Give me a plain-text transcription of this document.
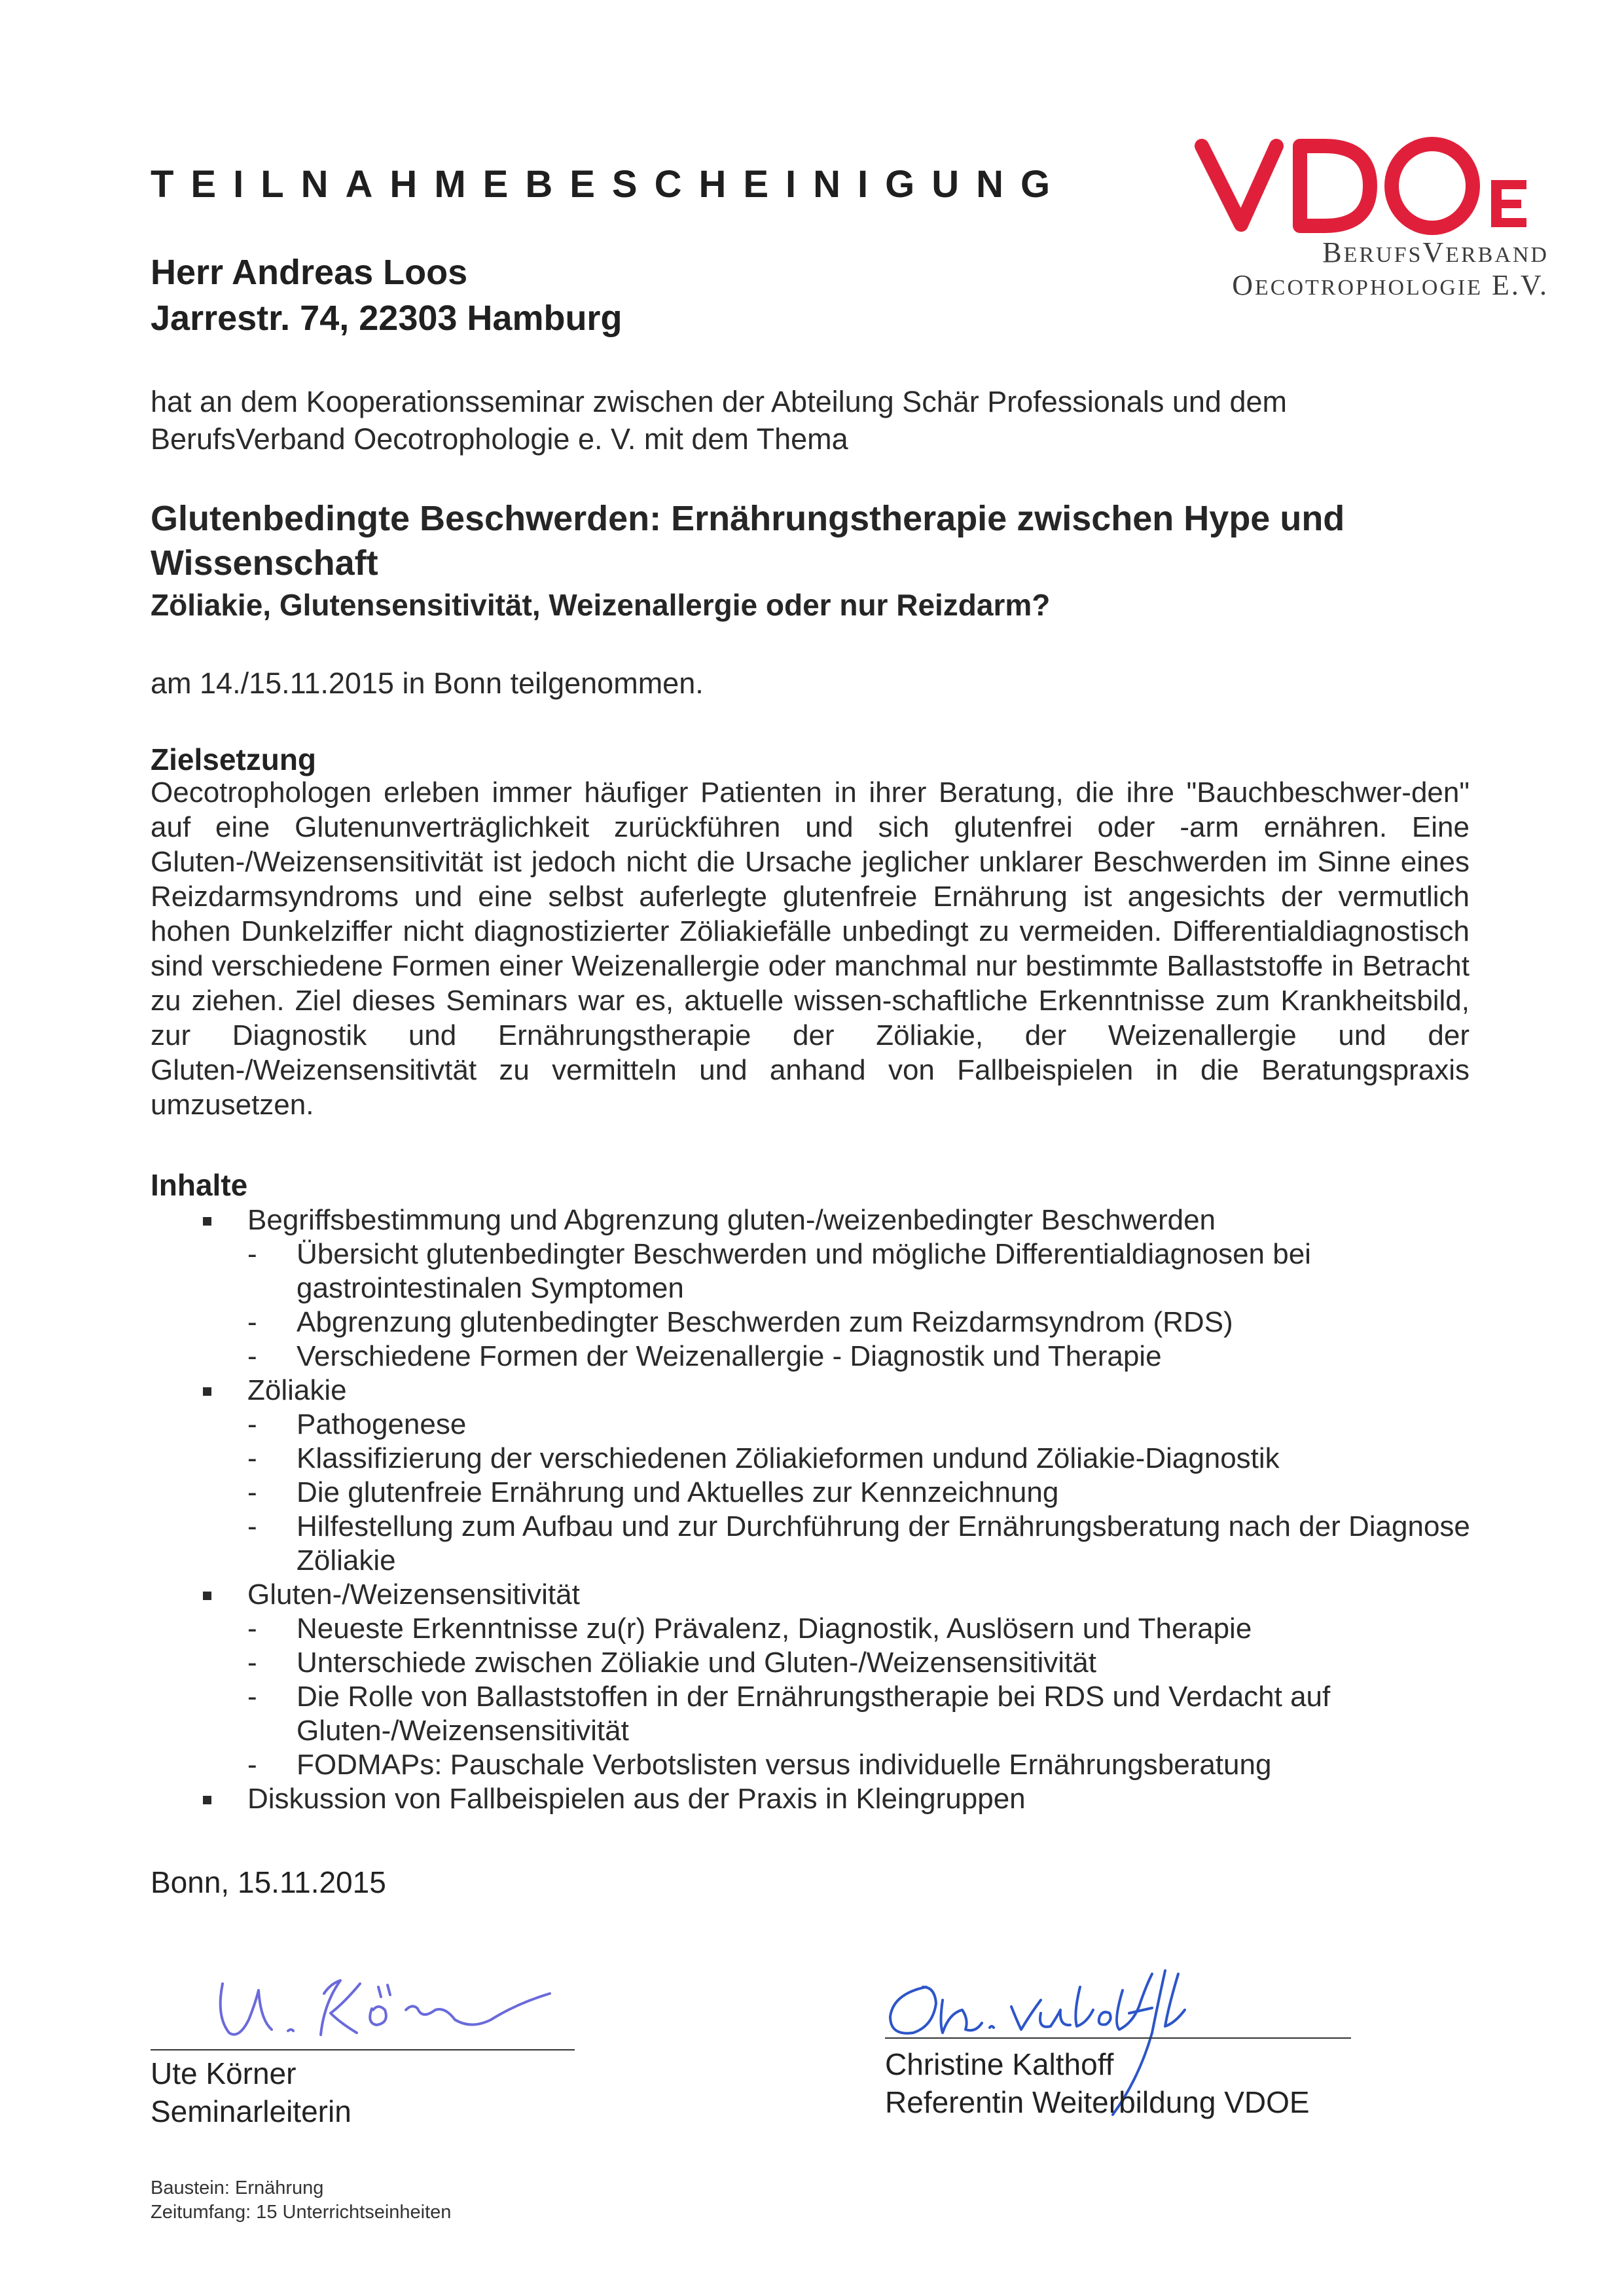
TEILNAHMEBESCHEINIGUNG
Herr Andreas Loos
Jarrestr. 74, 22303 Hamburg
BERUFSVERBAND
OECOTROPHOLOGIE E.V.
hat an dem Kooperationsseminar zwischen der Abteilung Schär Professionals und dem BerufsVerband Oecotrophologie e. V. mit dem Thema
Glutenbedingte Beschwerden: Ernährungstherapie zwischen Hype und Wissenschaft
Zöliakie, Glutensensitivität, Weizenallergie oder nur Reizdarm?
am 14./15.11.2015 in Bonn teilgenommen.
Zielsetzung
Oecotrophologen erleben immer häufiger Patienten in ihrer Beratung, die ihre "Bauchbeschwer-den" auf eine Glutenunverträglichkeit zurückführen und sich glutenfrei oder -arm ernähren. Eine Gluten-/Weizensensitivität ist jedoch nicht die Ursache jeglicher unklarer Beschwerden im Sinne eines Reizdarmsyndroms und eine selbst auferlegte glutenfreie Ernährung ist angesichts der vermutlich hohen Dunkelziffer nicht diagnostizierter Zöliakiefälle unbedingt zu vermeiden. Differentialdiagnostisch sind verschiedene Formen einer Weizenallergie oder manchmal nur bestimmte Ballaststoffe in Betracht zu ziehen. Ziel dieses Seminars war es, aktuelle wissen-schaftliche Erkenntnisse zum Krankheitsbild, zur Diagnostik und Ernährungstherapie der Zöliakie, der Weizenallergie und der Gluten-/Weizensensitivtät zu vermitteln und anhand von Fallbeispielen in die Beratungspraxis umzusetzen.
Inhalte
Begriffsbestimmung und Abgrenzung gluten-/weizenbedingter Beschwerden
- Übersicht glutenbedingter Beschwerden und mögliche Differentialdiagnosen bei gastrointestinalen Symptomen
- Abgrenzung glutenbedingter Beschwerden zum Reizdarmsyndrom (RDS)
- Verschiedene Formen der Weizenallergie - Diagnostik und Therapie
Zöliakie
- Pathogenese
- Klassifizierung der verschiedenen Zöliakieformen undund Zöliakie-Diagnostik
- Die glutenfreie Ernährung und Aktuelles zur Kennzeichnung
- Hilfestellung zum Aufbau und zur Durchführung der Ernährungsberatung nach der Diagnose Zöliakie
Gluten-/Weizensensitivität
- Neueste Erkenntnisse zu(r) Prävalenz, Diagnostik, Auslösern und Therapie
- Unterschiede zwischen Zöliakie und Gluten-/Weizensensitivität
- Die Rolle von Ballaststoffen in der Ernährungstherapie bei RDS und Verdacht auf Gluten-/Weizensensitivität
- FODMAPs: Pauschale Verbotslisten versus individuelle Ernährungsberatung
Diskussion von Fallbeispielen aus der Praxis in Kleingruppen
Bonn, 15.11.2015
Ute Körner
Seminarleiterin
Christine Kalthoff
Referentin Weiterbildung VDOE
Baustein: Ernährung
Zeitumfang: 15 Unterrichtseinheiten
